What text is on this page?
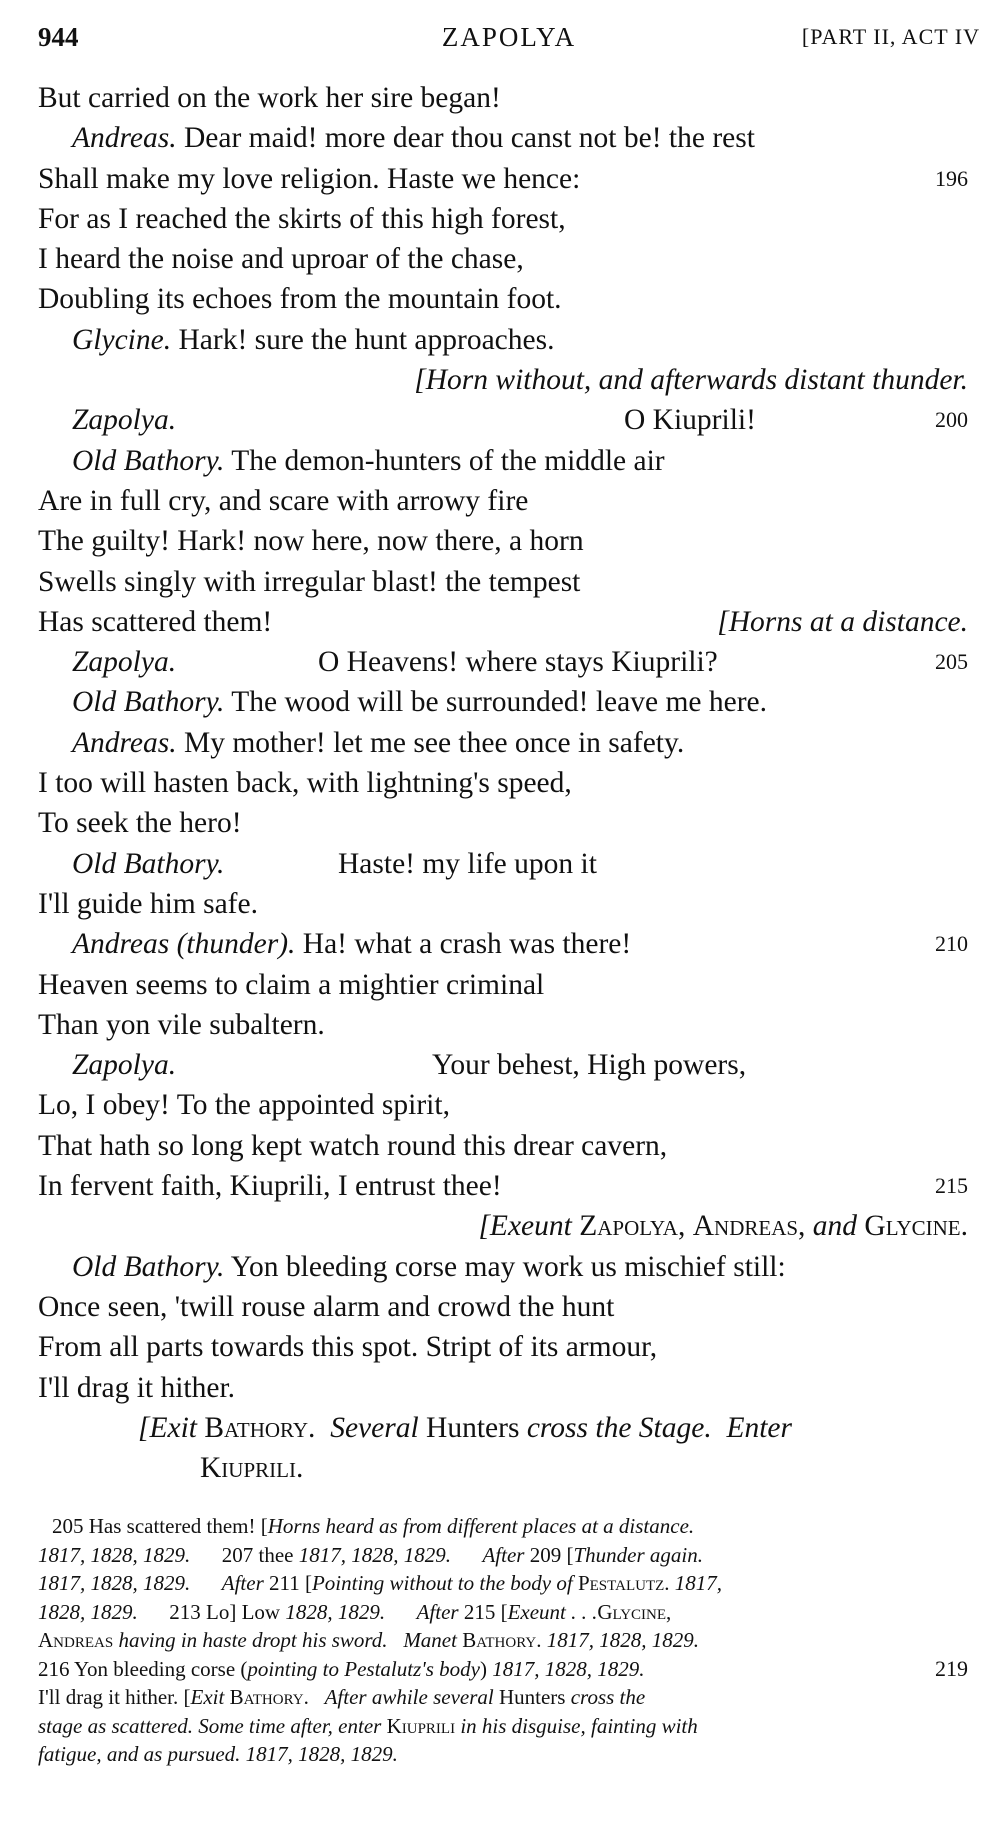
944	ZAPOLYA	[PART II, ACT IV
But carried on the work her sire began!
Andreas. Dear maid! more dear thou canst not be! the rest
Shall make my love religion. Haste we hence:	196
For as I reached the skirts of this high forest,
I heard the noise and uproar of the chase,
Doubling its echoes from the mountain foot.
Glycine. Hark! sure the hunt approaches.
[Horn without, and afterwards distant thunder.
Zapolya.	O Kiuprili!	200
Old Bathory. The demon-hunters of the middle air
Are in full cry, and scare with arrowy fire
The guilty! Hark! now here, now there, a horn
Swells singly with irregular blast! the tempest
Has scattered them!	[Horns at a distance.
Zapolya.	O Heavens! where stays Kiuprili?	205
Old Bathory. The wood will be surrounded! leave me here.
Andreas. My mother! let me see thee once in safety.
I too will hasten back, with lightning's speed,
To seek the hero!
Old Bathory.	Haste! my life upon it
I'll guide him safe.
Andreas (thunder). Ha! what a crash was there!	210
Heaven seems to claim a mightier criminal
Than yon vile subaltern.
Zapolya.	Your behest, High powers,
Lo, I obey! To the appointed spirit,
That hath so long kept watch round this drear cavern,
In fervent faith, Kiuprili, I entrust thee!	215
[Exeunt Zapolya, Andreas, and Glycine.
Old Bathory. Yon bleeding corse may work us mischief still:
Once seen, 'twill rouse alarm and crowd the hunt
From all parts towards this spot. Stript of its armour,
I'll drag it hither.
[Exit Bathory. Several Hunters cross the Stage. Enter
Kiuprili.
205 Has scattered them! [Horns heard as from different places at a distance.
1817, 1828, 1829. 207 thee 1817, 1828, 1829. After 209 [Thunder again.
1817, 1828, 1829. After 211 [Pointing without to the body of Pestalutz. 1817,
1828, 1829. 213 Lo] Low 1828, 1829. After 215 [Exeunt . . .Glycine,
Andreas having in haste dropt his sword. Manet Bathory. 1817, 1828, 1829.
216 Yon bleeding corse (pointing to Pestalutz's body) 1817, 1828, 1829.	219
I'll drag it hither. [Exit Bathory. After awhile several Hunters cross the
stage as scattered. Some time after, enter Kiuprili in his disguise, fainting with
fatigue, and as pursued. 1817, 1828, 1829.
